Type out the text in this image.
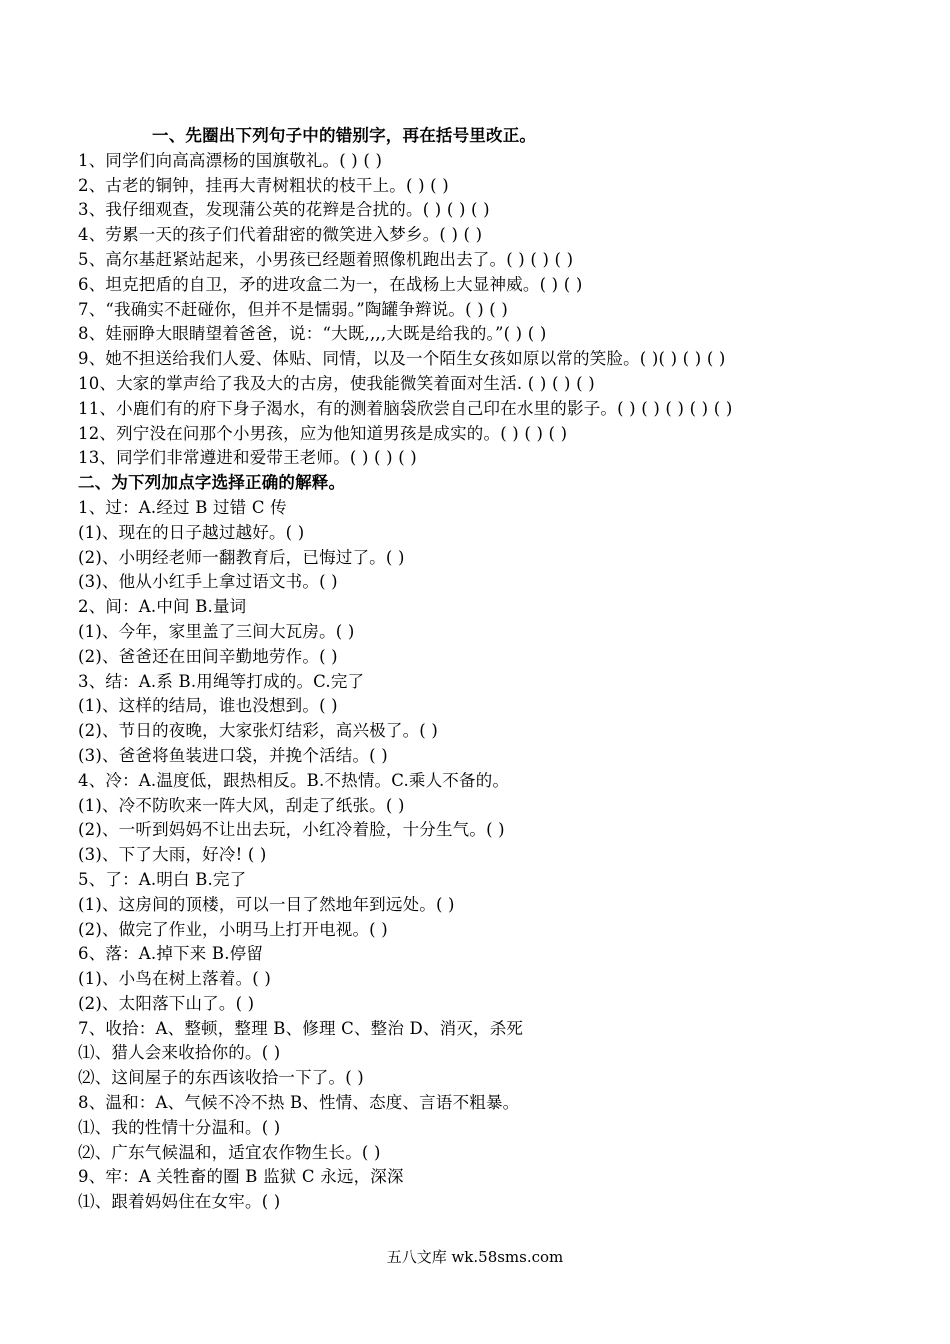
一、先圈出下列句子中的错别字，再在括号里改正。
1、同学们向高高漂杨的国旗敬礼。( ) ( )
2、古老的铜钟，挂再大青树粗状的枝干上。( ) ( )
3、我仔细观查，发现蒲公英的花辫是合扰的。( ) ( ) ( )
4、劳累一天的孩子们代着甜密的微笑进入梦乡。( ) ( )
5、高尔基赶紧站起来，小男孩已经题着照像机跑出去了。( ) ( ) ( )
6、坦克把盾的自卫，矛的进攻盒二为一，在战杨上大显神威。( ) ( )
7、“我确实不赶碰你，但并不是懦弱。”陶罐争辫说。( ) ( )
8、娃丽睁大眼睛望着爸爸，说：“大既,,,,大既是给我的。”( ) ( )
9、她不担送给我们人爱、体贴、同情，以及一个陌生女孩如原以常的笑脸。( )( ) ( ) ( )
10、大家的掌声给了我及大的古房，使我能微笑着面对生活. ( ) ( ) ( )
11、小鹿们有的府下身子渴水，有的测着脑袋欣尝自己印在水里的影子。( ) ( ) ( ) ( ) ( )
12、列宁没在问那个小男孩，应为他知道男孩是成实的。( ) ( ) ( )
13、同学们非常遵进和爱带王老师。( ) ( ) ( )
二、为下列加点字选择正确的解释。
1、过：A.经过 B 过错 C 传
(1)、现在的日子越过越好。( )
(2)、小明经老师一翻教育后，已悔过了。( )
(3)、他从小红手上拿过语文书。( )
2、间：A.中间 B.量词
(1)、今年，家里盖了三间大瓦房。( )
(2)、爸爸还在田间辛勤地劳作。( )
3、结：A.系 B.用绳等打成的。C.完了
(1)、这样的结局，谁也没想到。( )
(2)、节日的夜晚，大家张灯结彩，高兴极了。( )
(3)、爸爸将鱼装进口袋，并挽个活结。( )
4、冷：A.温度低，跟热相反。B.不热情。C.乘人不备的。
(1)、冷不防吹来一阵大风，刮走了纸张。( )
(2)、一听到妈妈不让出去玩，小红冷着脸，十分生气。( )
(3)、下了大雨，好冷! ( )
5、了：A.明白 B.完了
(1)、这房间的顶楼，可以一目了然地年到远处。( )
(2)、做完了作业，小明马上打开电视。( )
6、落：A.掉下来 B.停留
(1)、小鸟在树上落着。( )
(2)、太阳落下山了。( )
7、收拾：A、整顿，整理 B、修理 C、整治 D、消灭，杀死
⑴、猎人会来收拾你的。( )
⑵、这间屋子的东西该收拾一下了。( )
8、温和：A、气候不冷不热 B、性情、态度、言语不粗暴。
⑴、我的性情十分温和。( )
⑵、广东气候温和，适宜农作物生长。( )
9、牢：A 关牲畜的圈 B 监狱 C 永远，深深
⑴、跟着妈妈住在女牢。( )
五八文库 wk.58sms.com
